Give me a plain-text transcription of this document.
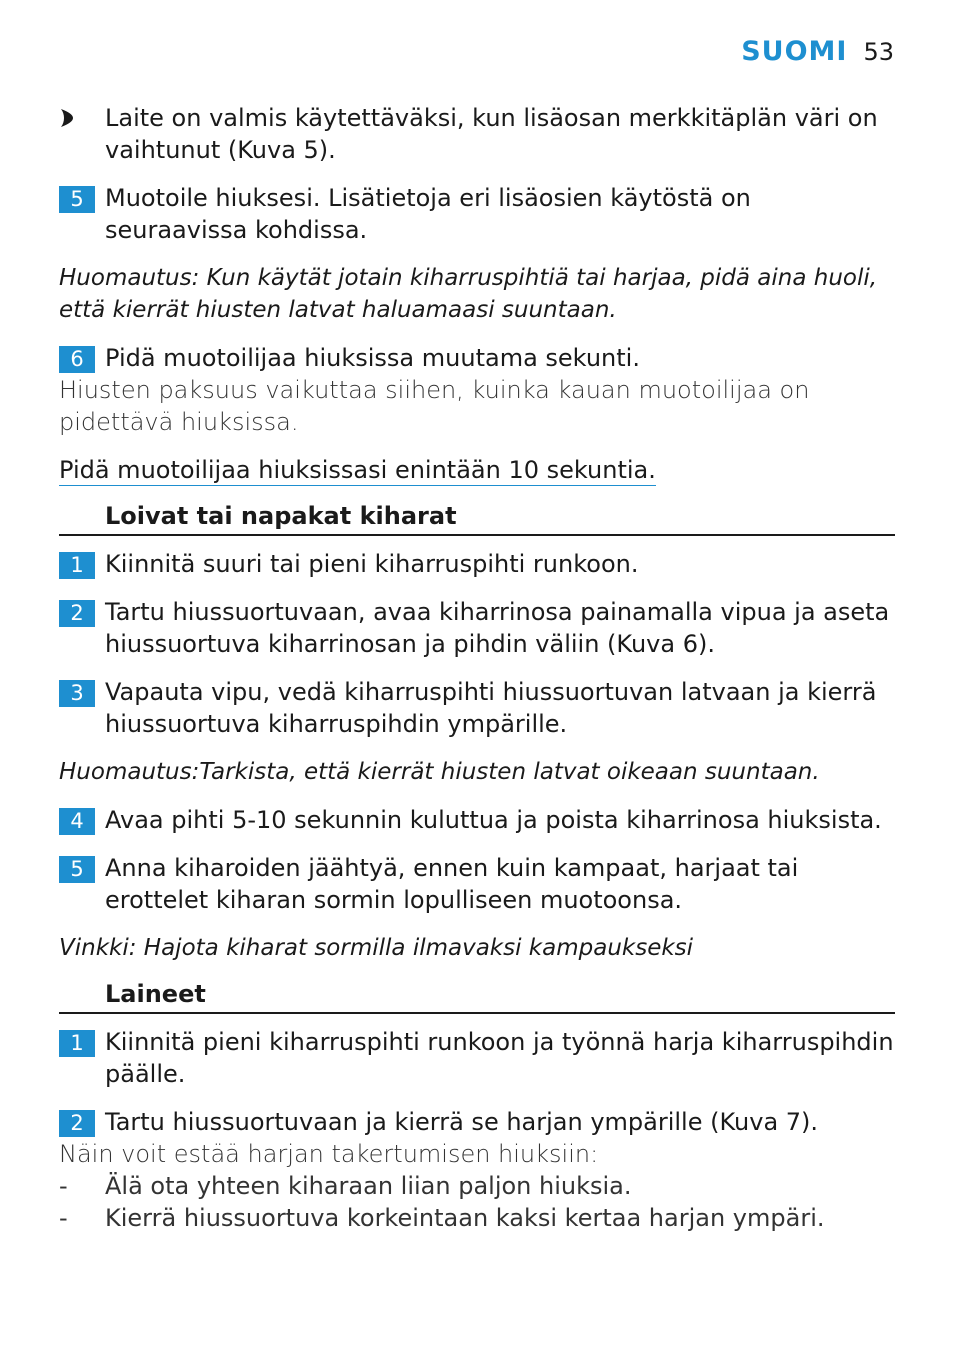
SUOMI 53
Laite on valmis käytettäväksi, kun lisäosan merkkitäplän väri on vaihtunut (Kuva 5).
5 Muotoile hiuksesi. Lisätietoja eri lisäosien käytöstä on seuraavissa kohdissa.
Huomautus: Kun käytät jotain kiharruspihtiä tai harjaa, pidä aina huoli, että kierrät hiusten latvat haluamaasi suuntaan.
6 Pidä muotoilijaa hiuksissa muutama sekunti.
Hiusten paksuus vaikuttaa siihen, kuinka kauan muotoilijaa on pidettävä hiuksissa.
Pidä muotoilijaa hiuksissasi enintään 10 sekuntia.
Loivat tai napakat kiharat
1 Kiinnitä suuri tai pieni kiharruspihti runkoon.
2 Tartu hiussuortuvaan, avaa kiharrinosa painamalla vipua ja aseta hiussuortuva kiharrinosan ja pihdin väliin (Kuva 6).
3 Vapauta vipu, vedä kiharruspihti hiussuortuvan latvaan ja kierrä hiussuortuva kiharruspihdin ympärille.
Huomautus:Tarkista, että kierrät hiusten latvat oikeaan suuntaan.
4 Avaa pihti 5-10 sekunnin kuluttua ja poista kiharrinosa hiuksista.
5 Anna kiharoiden jäähtyä, ennen kuin kampaat, harjaat tai erottelet kiharan sormin lopulliseen muotoonsa.
Vinkki: Hajota kiharat sormilla ilmavaksi kampaukseksi
Laineet
1 Kiinnitä pieni kiharruspihti runkoon ja työnnä harja kiharruspihdin päälle.
2 Tartu hiussuortuvaan ja kierrä se harjan ympärille (Kuva 7).
Näin voit estää harjan takertumisen hiuksiin:
- Älä ota yhteen kiharaan liian paljon hiuksia.
- Kierrä hiussuortuva korkeintaan kaksi kertaa harjan ympäri.
